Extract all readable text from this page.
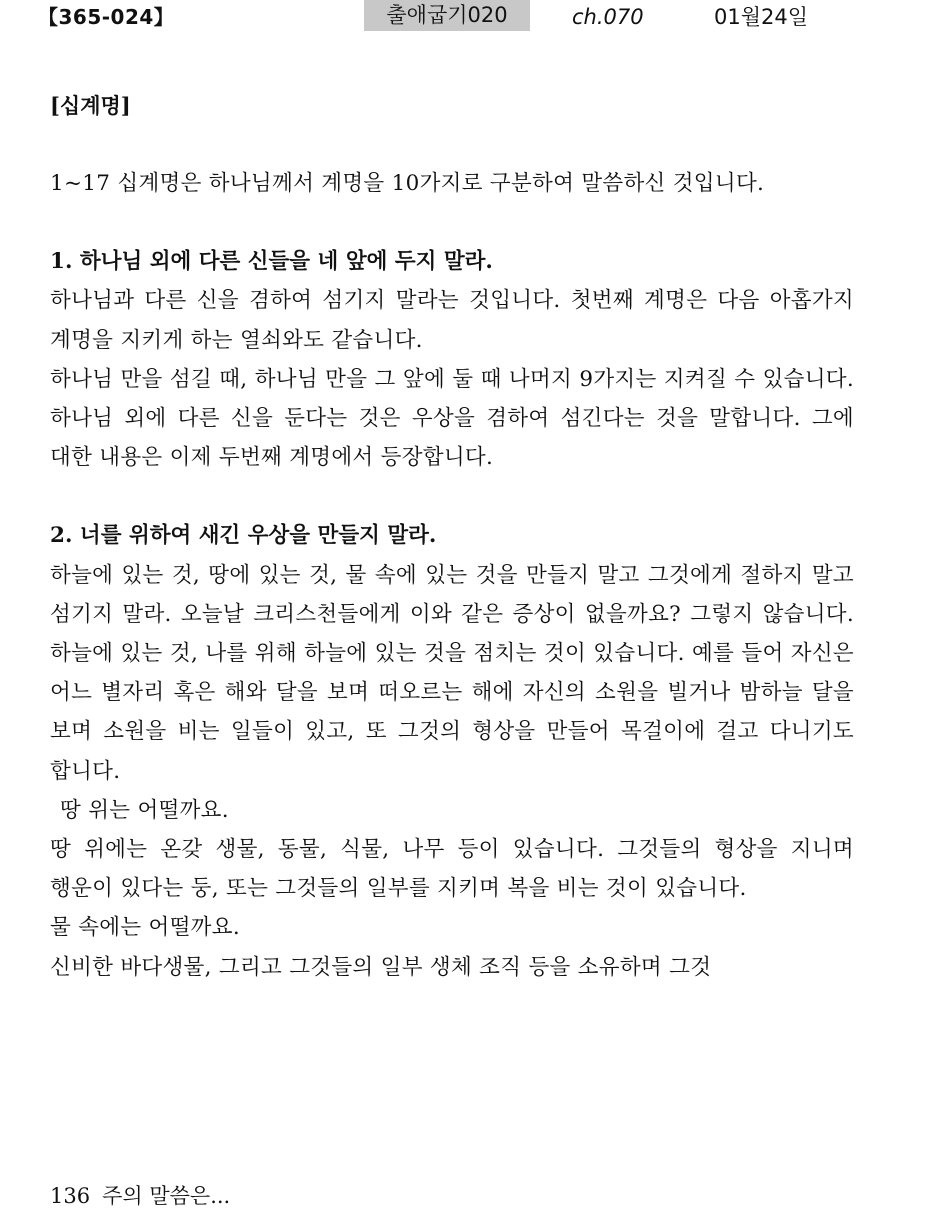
【365-024】	출애굽기020	ch.070	01월24일

[십계명]

1~17 십계명은 하나님께서 계명을 10가지로 구분하여 말씀하신 것입니다.

1. 하나님 외에 다른 신들을 네 앞에 두지 말라.

하나님과 다른 신을 겸하여 섬기지 말라는 것입니다. 첫번째 계명은 다음 아홉가지 계명을 지키게 하는 열쇠와도 같습니다.

하나님 만을 섬길 때, 하나님 만을 그 앞에 둘 때 나머지 9가지는 지켜질 수 있습니다. 하나님 외에 다른 신을 둔다는 것은 우상을 겸하여 섬긴다는 것을 말합니다. 그에 대한 내용은 이제 두번째 계명에서 등장합니다.

2. 너를 위하여 새긴 우상을 만들지 말라.

하늘에 있는 것, 땅에 있는 것, 물 속에 있는 것을 만들지 말고 그것에게 절하지 말고 섬기지 말라. 오늘날 크리스천들에게 이와 같은 증상이 없을까요? 그렇지 않습니다. 하늘에 있는 것, 나를 위해 하늘에 있는 것을 점치는 것이 있습니다. 예를 들어 자신은 어느 별자리 혹은 해와 달을 보며 떠오르는 해에 자신의 소원을 빌거나 밤하늘 달을 보며 소원을 비는 일들이 있고, 또 그것의 형상을 만들어 목걸이에 걸고 다니기도 합니다.

땅 위는 어떨까요.

땅 위에는 온갖 생물, 동물, 식물, 나무 등이 있습니다. 그것들의 형상을 지니며 행운이 있다는 둥, 또는 그것들의 일부를 지키며 복을 비는 것이 있습니다.

물 속에는 어떨까요.

신비한 바다생물, 그리고 그것들의 일부 생체 조직 등을 소유하며 그것

136 주의 말씀은...
